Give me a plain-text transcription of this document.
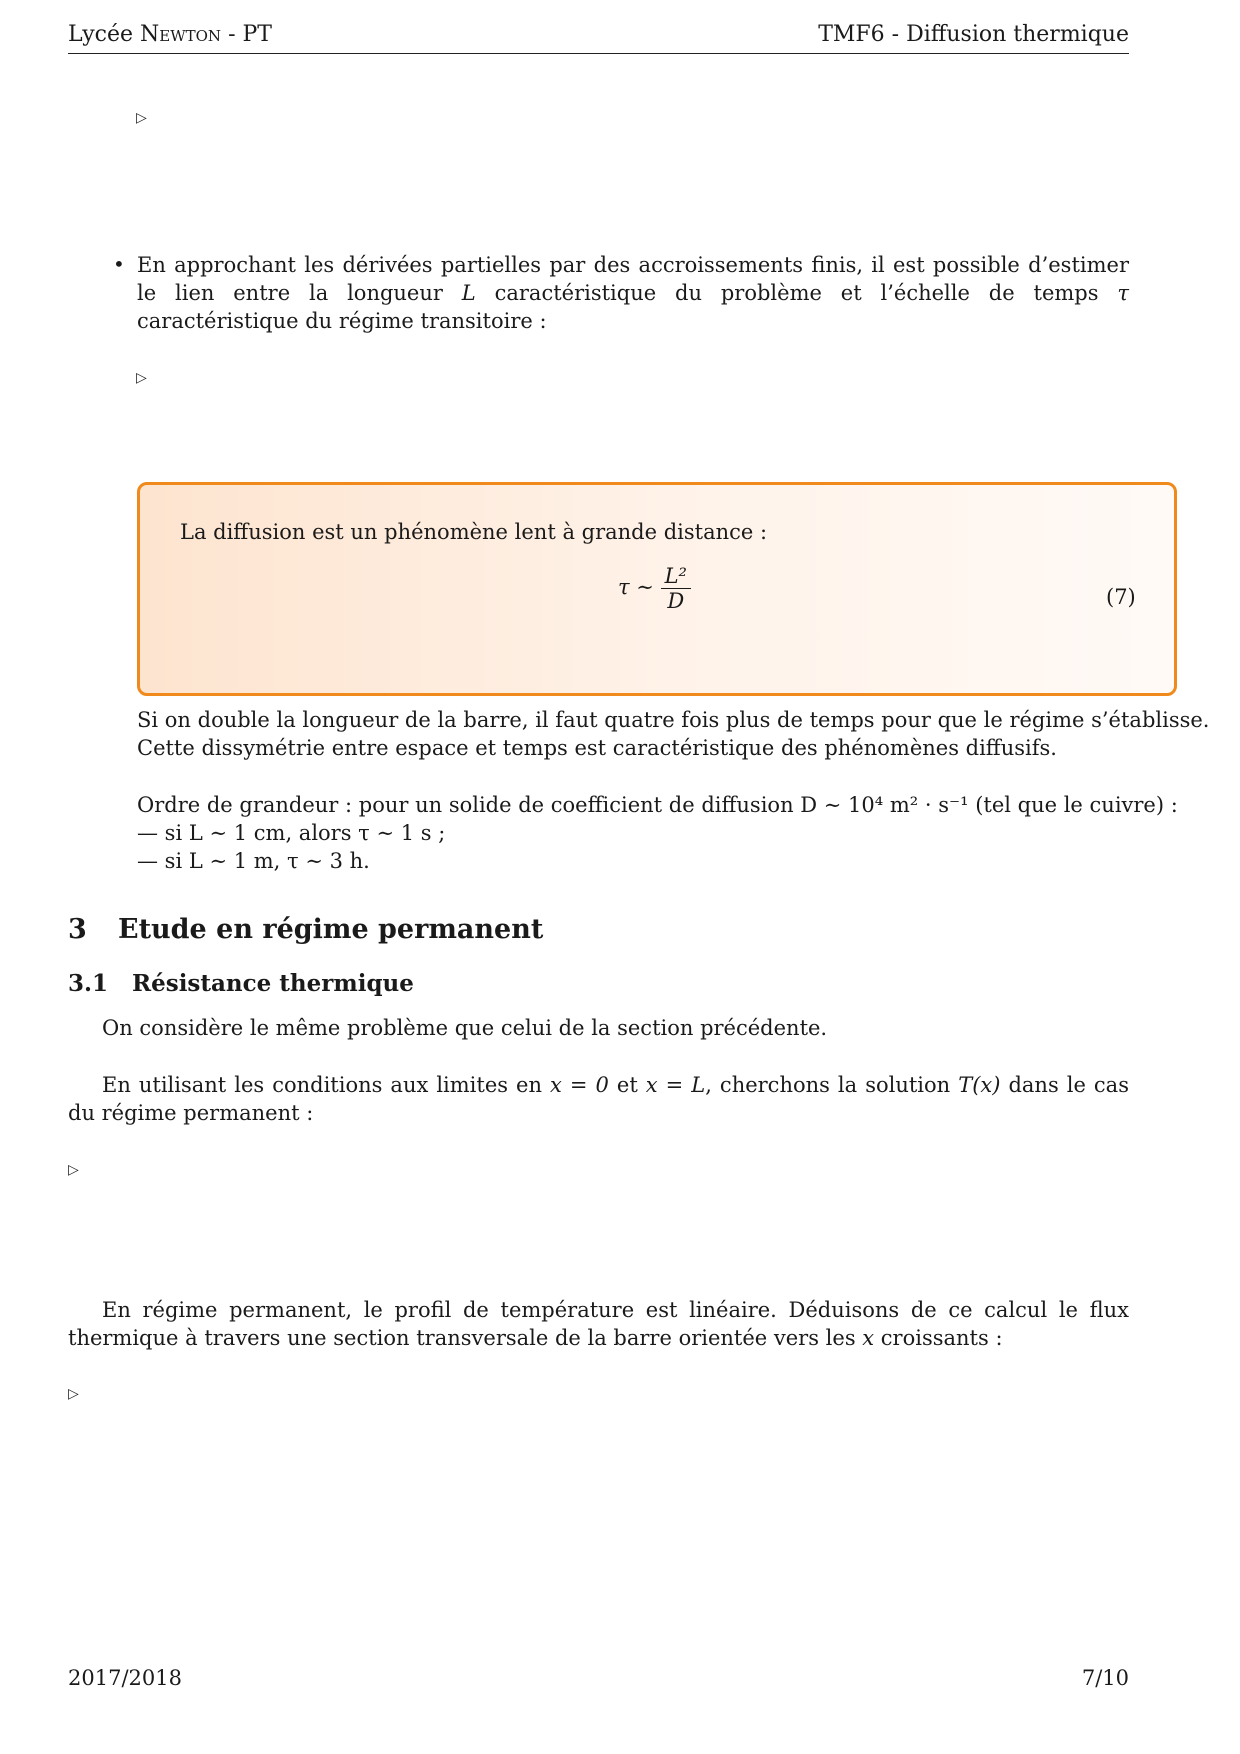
Lycée Newton - PT	TMF6 - Diffusion thermique
▷
• En approchant les dérivées partielles par des accroissements finis, il est possible d’estimer le lien entre la longueur L caractéristique du problème et l’échelle de temps τ caractéristique du régime transitoire :
▷
La diffusion est un phénomène lent à grande distance :
τ ∼ $\frac{\text{L²}}{D}$	(7)
Si on double la longueur de la barre, il faut quatre fois plus de temps pour que le régime s’établisse.
Cette dissymétrie entre espace et temps est caractéristique des phénomènes diffusifs.
Ordre de grandeur : pour un solide de coefficient de diffusion D ∼ 10⁴ m² · s⁻¹ (tel que le cuivre) :
— si L ∼ 1 cm, alors τ ∼ 1 s ;
— si L ∼ 1 m, τ ∼ 3 h.
3 Etude en régime permanent
3.1 Résistance thermique
On considère le même problème que celui de la section précédente.
En utilisant les conditions aux limites en x = 0 et x = L, cherchons la solution T(x) dans le cas du régime permanent :
▷
En régime permanent, le profil de température est linéaire. Déduisons de ce calcul le flux thermique à travers une section transversale de la barre orientée vers les x croissants :
▷
2017/2018	7/10
